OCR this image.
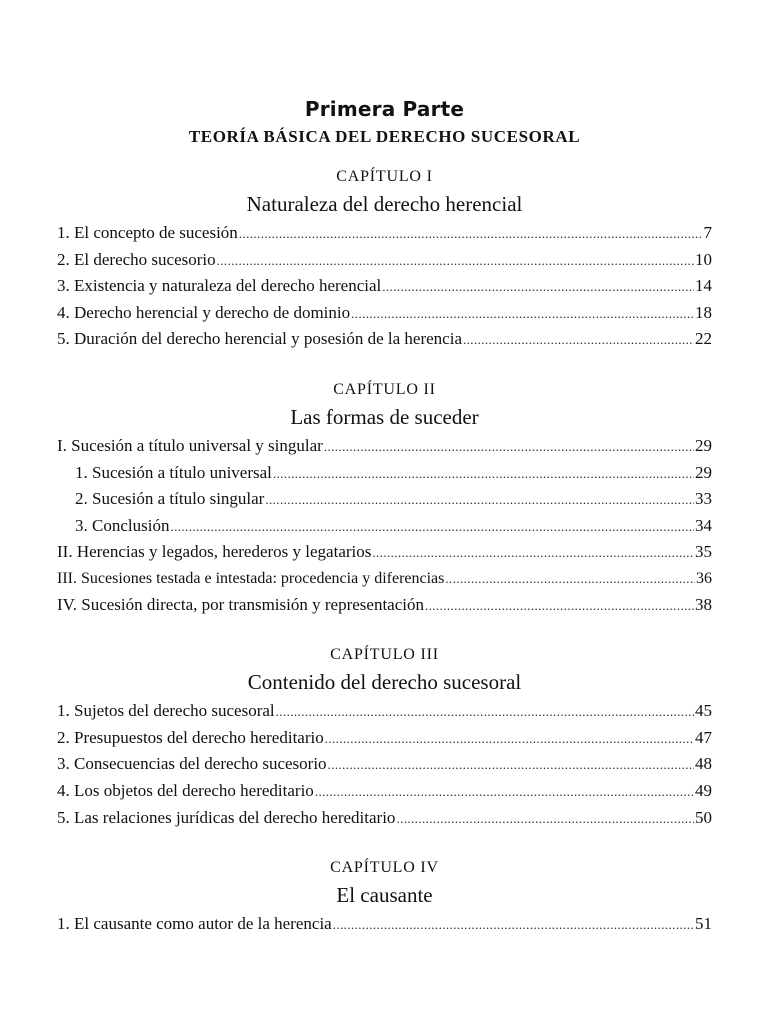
Primera Parte
TEORÍA BÁSICA DEL DERECHO SUCESORAL
CAPÍTULO I
Naturaleza del derecho herencial
1. El concepto de sucesión .....	7
2. El derecho sucesorio .....	10
3. Existencia y naturaleza del derecho herencial .....	14
4. Derecho herencial y derecho de dominio .....	18
5. Duración del derecho herencial y posesión de la herencia .....	22
CAPÍTULO II
Las formas de suceder
I. Sucesión a título universal y singular .....	29
1. Sucesión a título universal .....	29
2. Sucesión a título singular .....	33
3. Conclusión .....	34
II. Herencias y legados, herederos y legatarios .....	35
III. Sucesiones testada e intestada: procedencia y diferencias .....	36
IV. Sucesión directa, por transmisión y representación .....	38
CAPÍTULO III
Contenido del derecho sucesoral
1. Sujetos del derecho sucesoral .....	45
2. Presupuestos del derecho hereditario .....	47
3. Consecuencias del derecho sucesorio .....	48
4. Los objetos del derecho hereditario .....	49
5. Las relaciones jurídicas del derecho hereditario .....	50
CAPÍTULO IV
El causante
1. El causante como autor de la herencia .....	51
